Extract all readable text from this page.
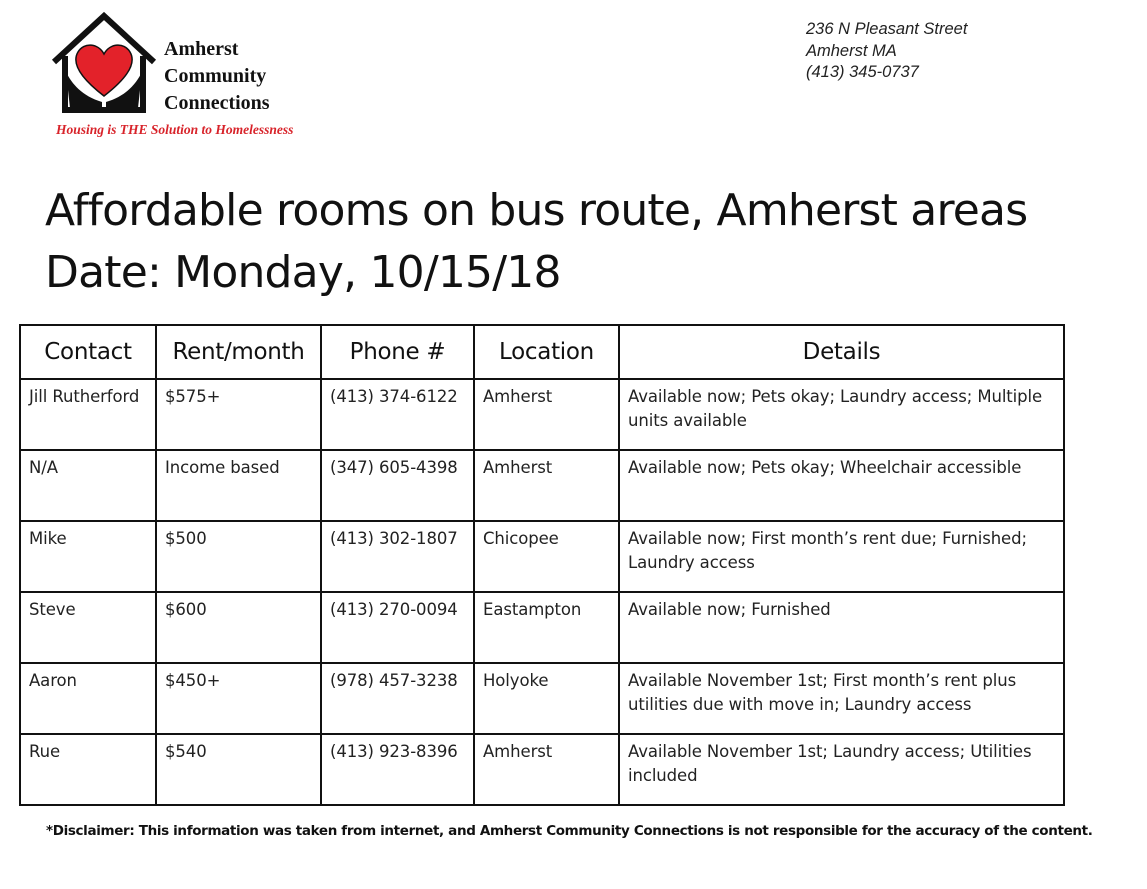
Amherst
Community
Connections
Housing is THE Solution to Homelessness
236 N Pleasant Street
Amherst MA
(413) 345-0737
Affordable rooms on bus route, Amherst areas
Date: Monday, 10/15/18
Contact	Rent/month	Phone #	Location	Details
Jill Rutherford	$575+	(413) 374-6122	Amherst	Available now; Pets okay; Laundry access; Multiple units available
N/A	Income based	(347) 605-4398	Amherst	Available now; Pets okay; Wheelchair accessible
Mike	$500	(413) 302-1807	Chicopee	Available now; First month’s rent due; Furnished; Laundry access
Steve	$600	(413) 270-0094	Eastampton	Available now; Furnished
Aaron	$450+	(978) 457-3238	Holyoke	Available November 1st; First month’s rent plus utilities due with move in; Laundry access
Rue	$540	(413) 923-8396	Amherst	Available November 1st; Laundry access; Utilities included
*Disclaimer: This information was taken from internet, and Amherst Community Connections is not responsible for the accuracy of the content.
